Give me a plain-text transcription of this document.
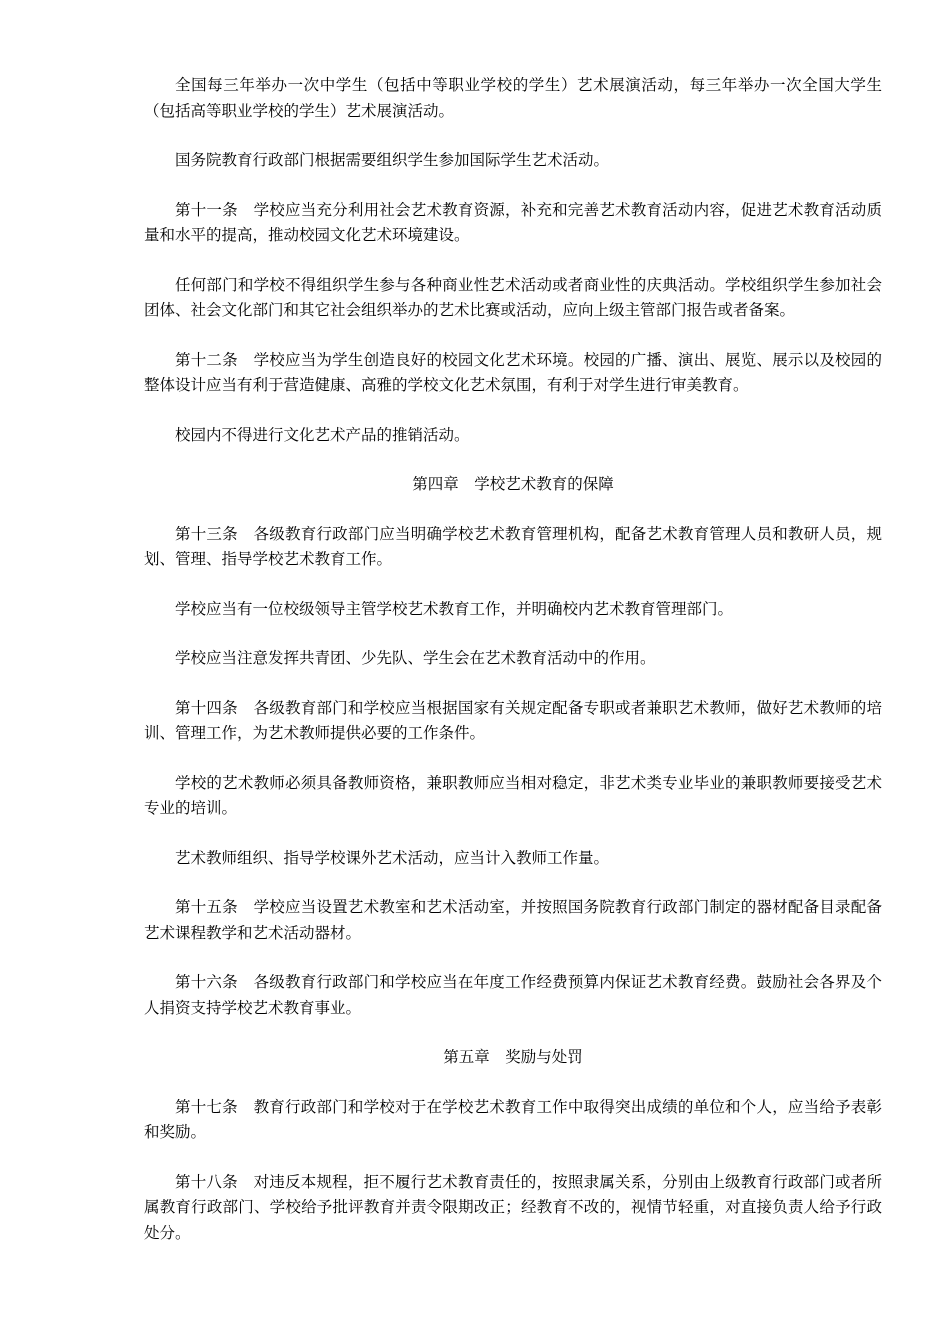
全国每三年举办一次中学生（包括中等职业学校的学生）艺术展演活动，每三年举办一次全国大学生（包括高等职业学校的学生）艺术展演活动。

国务院教育行政部门根据需要组织学生参加国际学生艺术活动。

第十一条　学校应当充分利用社会艺术教育资源，补充和完善艺术教育活动内容，促进艺术教育活动质量和水平的提高，推动校园文化艺术环境建设。

任何部门和学校不得组织学生参与各种商业性艺术活动或者商业性的庆典活动。学校组织学生参加社会团体、社会文化部门和其它社会组织举办的艺术比赛或活动，应向上级主管部门报告或者备案。

第十二条　学校应当为学生创造良好的校园文化艺术环境。校园的广播、演出、展览、展示以及校园的整体设计应当有利于营造健康、高雅的学校文化艺术氛围，有利于对学生进行审美教育。

校园内不得进行文化艺术产品的推销活动。

第四章　学校艺术教育的保障

第十三条　各级教育行政部门应当明确学校艺术教育管理机构，配备艺术教育管理人员和教研人员，规划、管理、指导学校艺术教育工作。

学校应当有一位校级领导主管学校艺术教育工作，并明确校内艺术教育管理部门。

学校应当注意发挥共青团、少先队、学生会在艺术教育活动中的作用。

第十四条　各级教育部门和学校应当根据国家有关规定配备专职或者兼职艺术教师，做好艺术教师的培训、管理工作，为艺术教师提供必要的工作条件。

学校的艺术教师必须具备教师资格，兼职教师应当相对稳定，非艺术类专业毕业的兼职教师要接受艺术专业的培训。

艺术教师组织、指导学校课外艺术活动，应当计入教师工作量。

第十五条　学校应当设置艺术教室和艺术活动室，并按照国务院教育行政部门制定的器材配备目录配备艺术课程教学和艺术活动器材。

第十六条　各级教育行政部门和学校应当在年度工作经费预算内保证艺术教育经费。鼓励社会各界及个人捐资支持学校艺术教育事业。

第五章　奖励与处罚

第十七条　教育行政部门和学校对于在学校艺术教育工作中取得突出成绩的单位和个人，应当给予表彰和奖励。

第十八条　对违反本规程，拒不履行艺术教育责任的，按照隶属关系，分别由上级教育行政部门或者所属教育行政部门、学校给予批评教育并责令限期改正；经教育不改的，视情节轻重，对直接负责人给予行政处分。
